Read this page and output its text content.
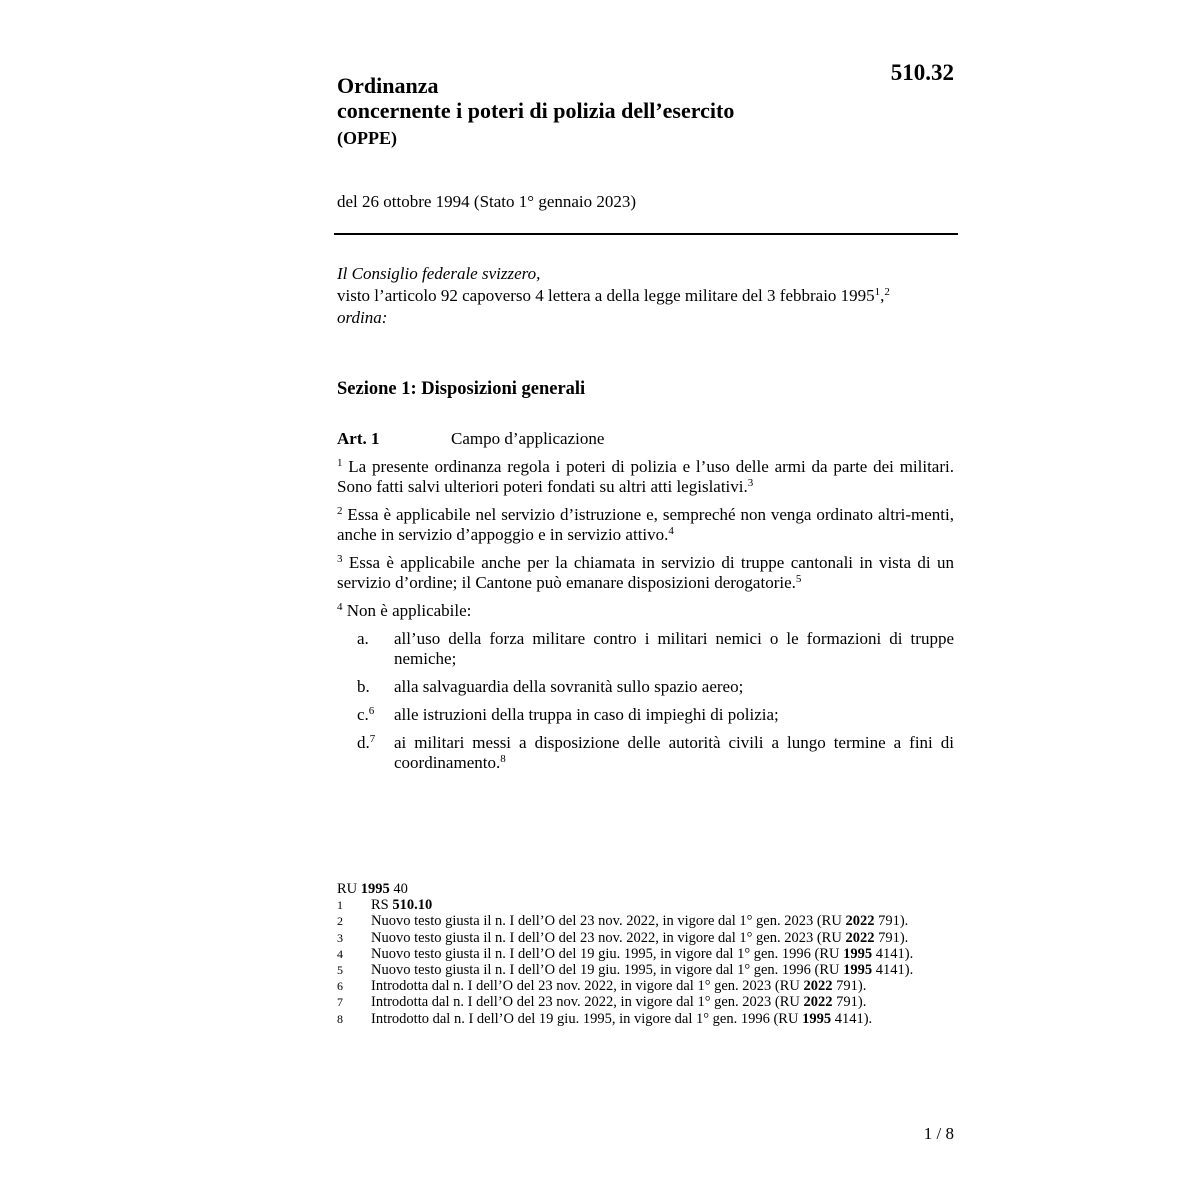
510.32
Ordinanza
concernente i poteri di polizia dell’esercito
(OPPE)
del 26 ottobre 1994 (Stato 1° gennaio 2023)
Il Consiglio federale svizzero,
visto l’articolo 92 capoverso 4 lettera a della legge militare del 3 febbraio 1995$^1$,$^2$
ordina:
Sezione 1: Disposizioni generali
Art. 1	Campo d’applicazione

$^1$ La presente ordinanza regola i poteri di polizia e l’uso delle armi da parte dei militari. Sono fatti salvi ulteriori poteri fondati su altri atti legislativi.$^3$

$^2$ Essa è applicabile nel servizio d’istruzione e, sempreché non venga ordinato altri-menti, anche in servizio d’appoggio e in servizio attivo.$^4$

$^3$ Essa è applicabile anche per la chiamata in servizio di truppe cantonali in vista di un servizio d’ordine; il Cantone può emanare disposizioni derogatorie.$^5$

$^4$ Non è applicabile:

a.	all’uso della forza militare contro i militari nemici o le formazioni di truppe nemiche;
b.	alla salvaguardia della sovranità sullo spazio aereo;
c.$^6$	alle istruzioni della truppa in caso di impieghi di polizia;
d.$^7$	ai militari messi a disposizione delle autorità civili a lungo termine a fini di coordinamento.$^8$
RU 1995 40
1	RS 510.10
2	Nuovo testo giusta il n. I dell’O del 23 nov. 2022, in vigore dal 1° gen. 2023 (RU 2022 791).
3	Nuovo testo giusta il n. I dell’O del 23 nov. 2022, in vigore dal 1° gen. 2023 (RU 2022 791).
4	Nuovo testo giusta il n. I dell’O del 19 giu. 1995, in vigore dal 1° gen. 1996 (RU 1995 4141).
5	Nuovo testo giusta il n. I dell’O del 19 giu. 1995, in vigore dal 1° gen. 1996 (RU 1995 4141).
6	Introdotta dal n. I dell’O del 23 nov. 2022, in vigore dal 1° gen. 2023 (RU 2022 791).
7	Introdotta dal n. I dell’O del 23 nov. 2022, in vigore dal 1° gen. 2023 (RU 2022 791).
8	Introdotto dal n. I dell’O del 19 giu. 1995, in vigore dal 1° gen. 1996 (RU 1995 4141).
1 / 8
